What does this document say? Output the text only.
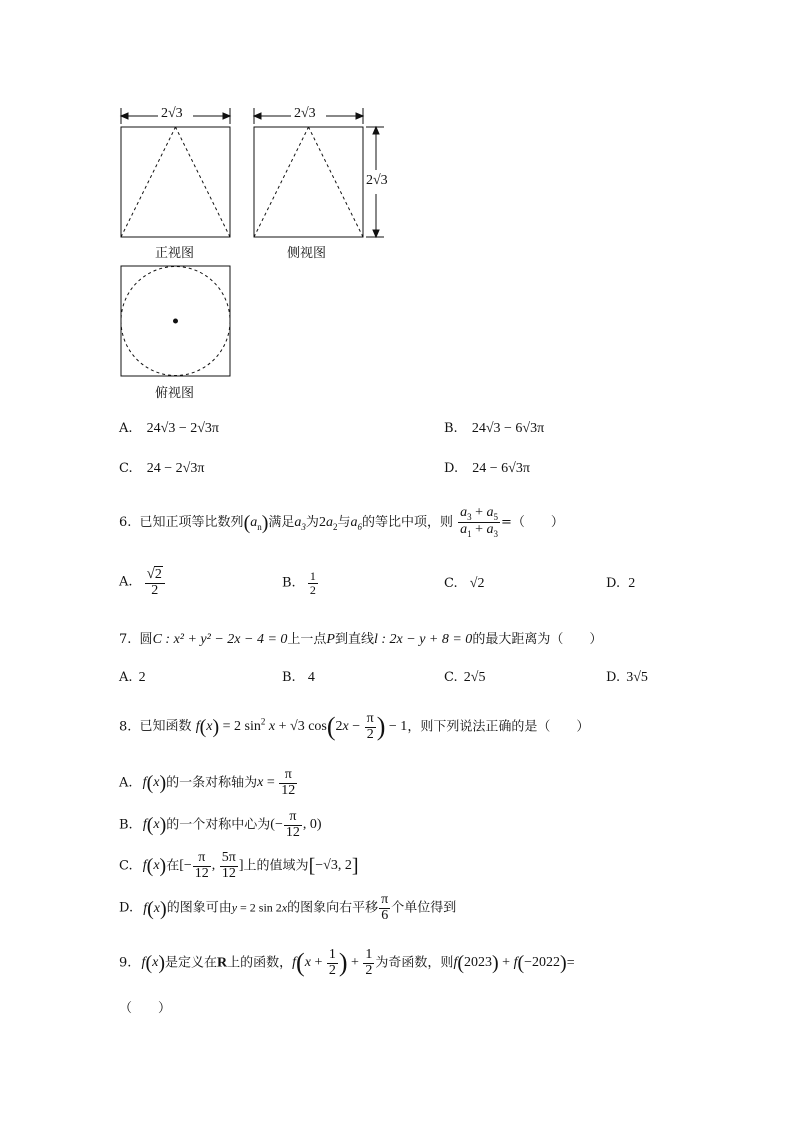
2√3	2√3
2√3
正视图	侧视图
俯视图
A. 24√3 − 2√3π	B. 24√3 − 6√3π
C. 24 − 2√3π	D. 24 − 6√3π
6. 已知正项等比数列$(a_n)$满足$a_3$为$2a_2$与$a_6$的等比中项，则 $\frac{a_3 + a_5}{a_1 + a_3}$ =（　　）
A. $\frac{√2}{2}$	B. $\frac{1}{2}$	C. √2	D. 2
7. 圆C : x² + y² − 2x − 4 = 0上一点P到直线l : 2x − y + 8 = 0的最大距离为（　　）
A. 2	B. 4	C. 2√5	D. 3√5
8. 已知函数 f(x) = 2 $\sin^2 x + √3$ $\cos(2x - \frac{\pi}{2}$ ) − 1，则下列说法正确的是（　　）
A. f(x)的一条对称轴为$x = \frac{\pi}{12}$
B. f(x)的一个对称中心为(− $\frac{\pi}{12}$ , 0)
C. f(x)在[− $\frac{\pi}{12}$ , $\frac{5\pi}{12}$ ]上的值域为[−√3, 2]
D. f(x)的图象可由y = 2 sin 2x的图象向右平移 $\frac{\pi}{6}$ 个单位得到
9. f(x)是定义在R上的函数，$f(x + \frac{1}{2}$ ) + $\frac{1}{2}$ 为奇函数，则f(2023) + f(−2022)=
（　　）
